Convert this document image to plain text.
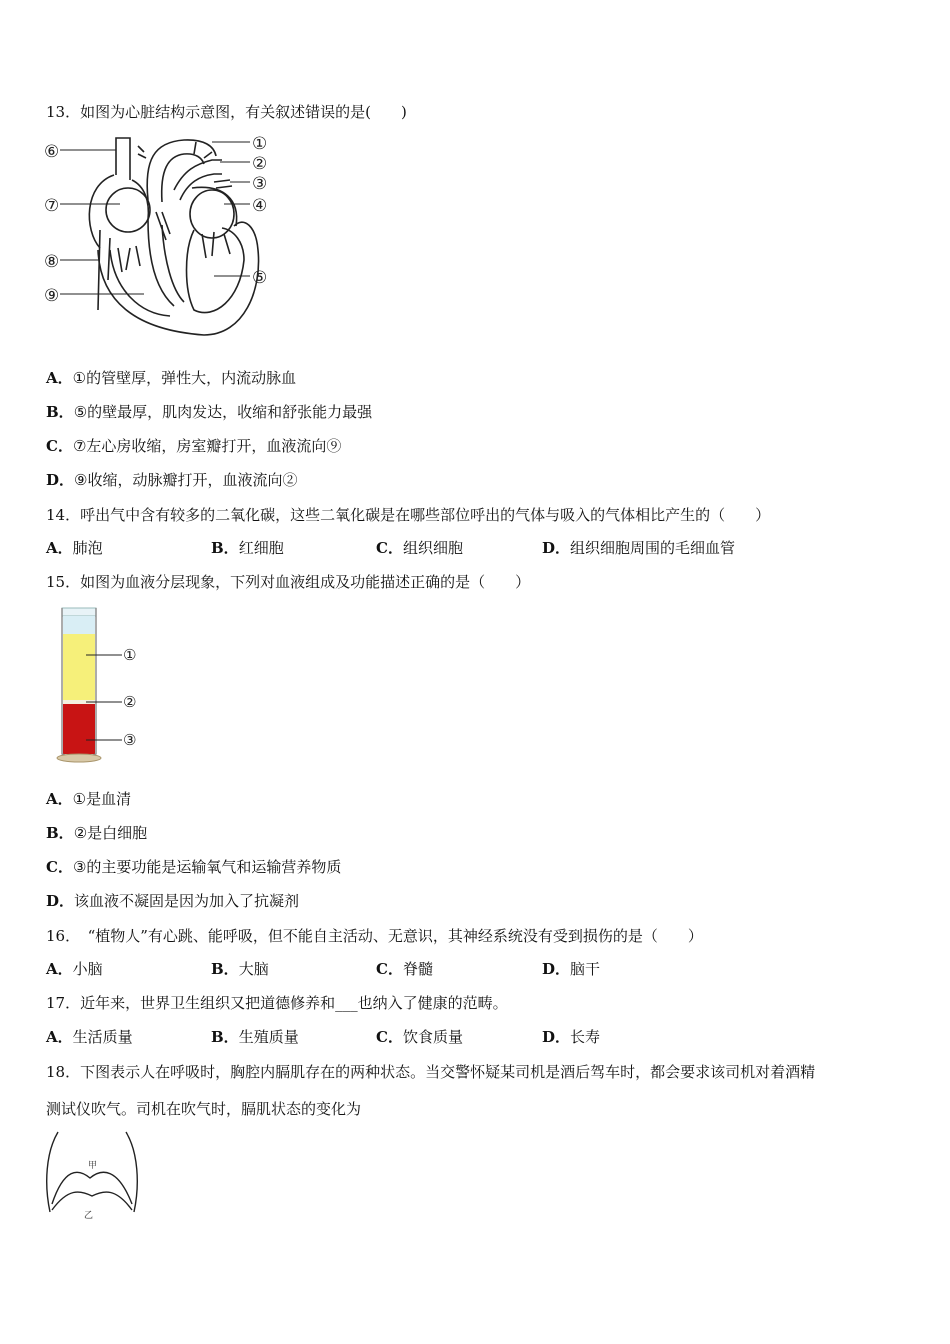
13．如图为心脏结构示意图，有关叙述错误的是(　　)
①
②
③
④
⑤
⑥
⑦
⑧
⑨
A．①的管壁厚，弹性大，内流动脉血
B．⑤的壁最厚，肌肉发达，收缩和舒张能力最强
C．⑦左心房收缩，房室瓣打开，血液流向⑨
D．⑨收缩，动脉瓣打开，血液流向②
14．呼出气中含有较多的二氧化碳，这些二氧化碳是在哪些部位呼出的气体与吸入的气体相比产生的（　　）
A．肺泡	B．红细胞	C．组织细胞	D．组织细胞周围的毛细血管
15．如图为血液分层现象，下列对血液组成及功能描述正确的是（　　）
①
②
③
A．①是血清
B．②是白细胞
C．③的主要功能是运输氧气和运输营养物质
D．该血液不凝固是因为加入了抗凝剂
16．　“植物人”有心跳、能呼吸，但不能自主活动、无意识，其神经系统没有受到损伤的是（　　）
A．小脑	B．大脑	C．脊髓	D．脑干
17．近年来，世界卫生组织又把道德修养和___也纳入了健康的范畴。
A．生活质量	B．生殖质量	C．饮食质量	D．长寿
18．下图表示人在呼吸时，胸腔内膈肌存在的两种状态。当交警怀疑某司机是酒后驾车时，都会要求该司机对着酒精
测试仪吹气。司机在吹气时，膈肌状态的变化为
甲
乙
